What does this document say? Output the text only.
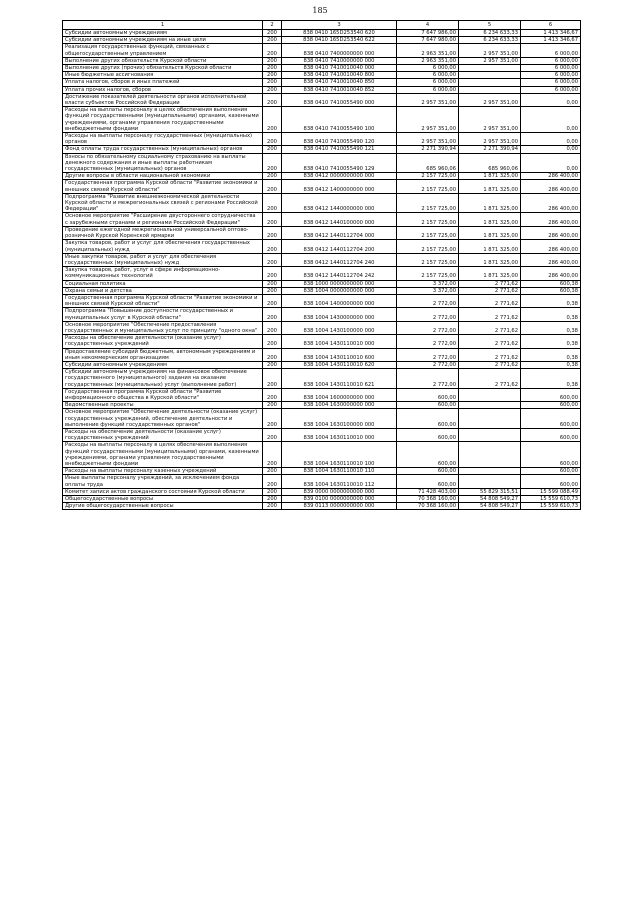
185
1	2	3	4	5	6
Субсидии автономным учреждениям	200	838 0410 165D253540 620	7 647 986,00	6 234 633,33	1 413 346,67
Субсидии автономным учреждениям на иные цели	200	838 0410 165D253540 622	7 647 980,00	6 234 633,33	1 413 346,67
Реализация государственных функций, связанных с общегосударственным управлением	200	838 0410 7400000000 000	2 963 351,00	2 957 351,00	6 000,00
Выполнение других обязательств Курской области	200	838 0410 7410000000 000	2 963 351,00	2 957 351,00	6 000,00
Выполнение других (прочих) обязательств Курской области	200	838 0410 7410010040 000	6 000,00		6 000,00
Иные бюджетные ассигнования	200	838 0410 7410010040 800	6 000,00		6 000,00
Уплата налогов, сборов и иных платежей	200	838 0410 7410010040 850	6 000,00		6 000,00
Уплата прочих налогов, сборов	200	838 0410 7410010040 852	6 000,00		6 000,00
Достижение показателей деятельности органов исполнительной власти субъектов Российской Федерации	200	838 0410 7410055490 000	2 957 351,00	2 957 351,00	0,00
Расходы на выплаты персоналу в целях обеспечения выполнения функций государственными (муниципальными) органами, казенными учреждениями, органами управления государственными внебюджетными фондами	200	838 0410 7410055490 100	2 957 351,00	2 957 351,00	0,00
Расходы на выплаты персоналу государственных (муниципальных) органов	200	838 0410 7410055490 120	2 957 351,00	2 957 351,00	0,00
Фонд оплаты труда государственных (муниципальных) органов	200	838 0410 7410055490 121	2 271 390,94	2 271 390,94	0,00
Взносы по обязательному социальному страхованию на выплаты денежного содержания и иные выплаты работникам государственных (муниципальных) органов	200	838 0410 7410055490 129	685 960,06	685 960,06	0,00
Другие вопросы в области национальной экономики	200	838 0412 0000000000 000	2 157 725,00	1 871 325,00	286 400,00
Государственная программа Курской области "Развитие экономики и внешних связей Курской области"	200	838 0412 1400000000 000	2 157 725,00	1 871 325,00	286 400,00
Подпрограмма "Развитие внешнеэкономической деятельности Курской области и межрегиональных связей с регионами Российской Федерации"	200	838 0412 1440000000 000	2 157 725,00	1 871 325,00	286 400,00
Основное мероприятие "Расширение двустороннего сотрудничества с зарубежными странами и регионами Российской Федерации"	200	838 0412 1440100000 000	2 157 725,00	1 871 325,00	286 400,00
Проведение ежегодной межрегиональной универсальной оптово-розничной Курской Коренской ярмарки	200	838 0412 1440112704 000	2 157 725,00	1 871 325,00	286 400,00
Закупка товаров, работ и услуг для обеспечения государственных (муниципальных) нужд	200	838 0412 1440112704 200	2 157 725,00	1 871 325,00	286 400,00
Иные закупки товаров, работ и услуг для обеспечения государственных (муниципальных) нужд	200	838 0412 1440112704 240	2 157 725,00	1 871 325,00	286 400,00
Закупка товаров, работ, услуг в сфере информационно-коммуникационных технологий	200	838 0412 1440112704 242	2 157 725,00	1 871 325,00	286 400,00
Социальная политика	200	838 1000 0000000000 000	3 372,00	2 771,62	600,38
Охрана семьи и детства	200	838 1004 0000000000 000	3 372,00	2 771,62	600,38
Государственная программа Курской области "Развитие экономики и внешних связей Курской области"	200	838 1004 1400000000 000	2 772,00	2 771,62	0,38
Подпрограмма "Повышение доступности государственных и муниципальных услуг в Курской области"	200	838 1004 1430000000 000	2 772,00	2 771,62	0,38
Основное мероприятие "Обеспечение предоставления государственных и муниципальных услуг по принципу "одного окна"	200	838 1004 1430100000 000	2 772,00	2 771,62	0,38
Расходы на обеспечение деятельности (оказание услуг) государственных учреждений	200	838 1004 1430110010 000	2 772,00	2 771,62	0,38
Предоставление субсидий бюджетным, автономным учреждениям и иным некоммерческим организациям	200	838 1004 1430110010 600	2 772,00	2 771,62	0,38
Субсидии автономным учреждениям	200	838 1004 1430110010 620	2 772,00	2 771,62	0,38
Субсидии автономным учреждениям на финансовое обеспечение государственного (муниципального) задания на оказание государственных (муниципальных) услуг (выполнение работ)	200	838 1004 1430110010 621	2 772,00	2 771,62	0,38
Государственная программа Курской области "Развитие информационного общества в Курской области"	200	838 1004 1600000000 000	600,00		600,00
Ведомственные проекты	200	838 1004 1630000000 000	600,00		600,00
Основное мероприятие "Обеспечение деятельности (оказание услуг) государственных учреждений, обеспечение деятельности и выполнение функций государственных органов"	200	838 1004 1630100000 000	600,00		600,00
Расходы на обеспечение деятельности (оказание услуг) государственных учреждений	200	838 1004 1630110010 000	600,00		600,00
Расходы на выплаты персоналу в целях обеспечения выполнения функций государственными (муниципальными) органами, казенными учреждениями, органами управления государственными внебюджетными фондами	200	838 1004 1630110010 100	600,00		600,00
Расходы на выплаты персоналу казенных учреждений	200	838 1004 1630110010 110	600,00		600,00
Иные выплаты персоналу учреждений, за исключением фонда оплаты труда	200	838 1004 1630110010 112	600,00		600,00
Комитет записи актов гражданского состояния Курской области	200	839 0000 0000000000 000	71 428 403,00	55 829 315,51	15 599 088,49
Общегосударственные вопросы	200	839 0100 0000000000 000	70 368 160,00	54 808 549,27	15 559 610,73
Другие общегосударственные вопросы	200	839 0113 0000000000 000	70 368 160,00	54 808 549,27	15 559 610,73
